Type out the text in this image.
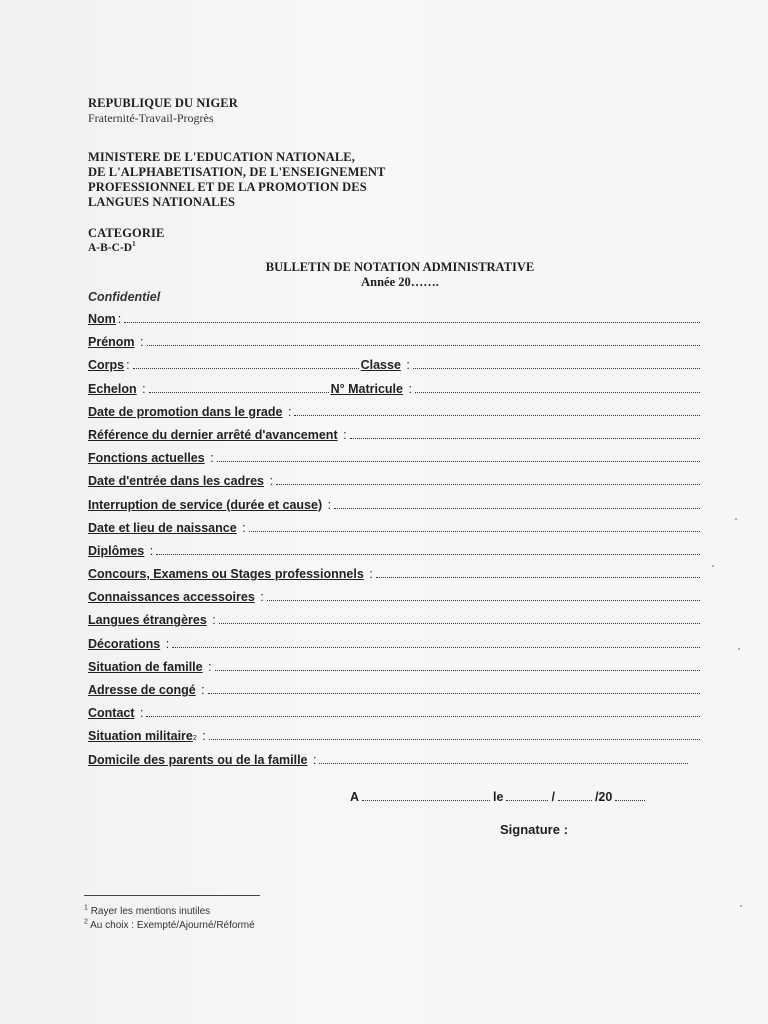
REPUBLIQUE DU NIGER
Fraternité-Travail-Progrès
MINISTERE DE L'EDUCATION NATIONALE,
DE L'ALPHABETISATION, DE L'ENSEIGNEMENT
PROFESSIONNEL ET DE LA PROMOTION DES
LANGUES NATIONALES
CATEGORIE
$A-B-C-D^1$
BULLETIN DE NOTATION ADMINISTRATIVE
Année 20…….
Confidentiel
Nom :
Prénom :
Corps :	Classe :
Echelon :	N° Matricule :
Date de promotion dans le grade :
Référence du dernier arrêté d'avancement :
Fonctions actuelles :
Date d'entrée dans les cadres :
Interruption de service (durée et cause) :
Date et lieu de naissance :
Diplômes :
Concours, Examens ou Stages professionnels :
Connaissances accessoires :
Langues étrangères :
Décorations :
Situation de famille :
Adresse de congé :
Contact :
Situation militaire 2 :
Domicile des parents ou de la famille :
A	le	/	/20
Signature :
$^1$ Rayer les mentions inutiles
$^2$ Au choix : Exempté/Ajourné/Réformé
